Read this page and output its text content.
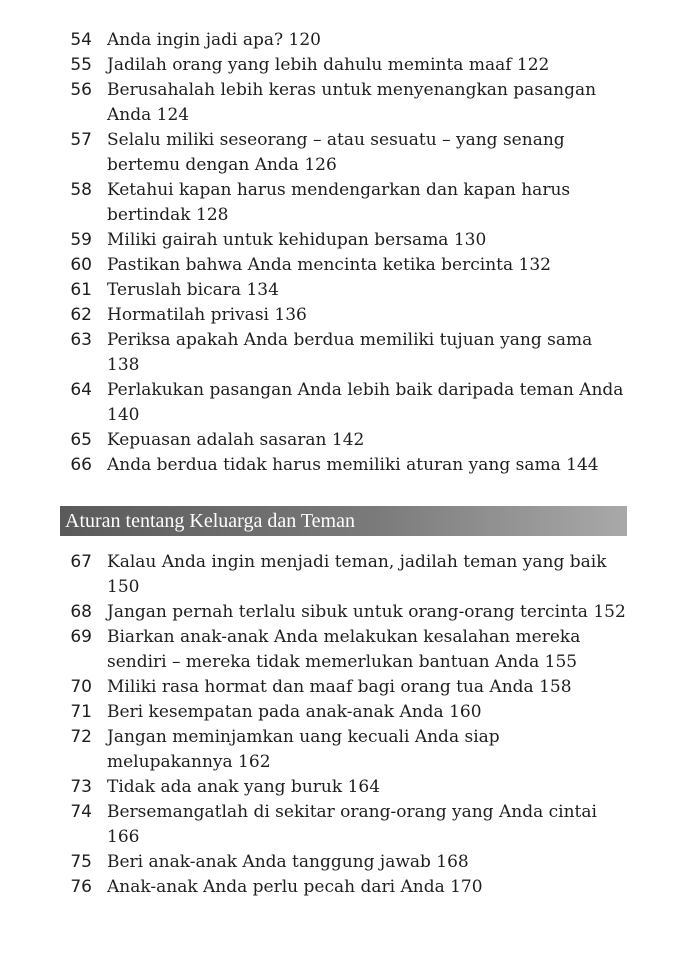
54 Anda ingin jadi apa? 120
55 Jadilah orang yang lebih dahulu meminta maaf 122
56 Berusahalah lebih keras untuk menyenangkan pasangan Anda 124
57 Selalu miliki seseorang – atau sesuatu – yang senang bertemu dengan Anda 126
58 Ketahui kapan harus mendengarkan dan kapan harus bertindak 128
59 Miliki gairah untuk kehidupan bersama 130
60 Pastikan bahwa Anda mencinta ketika bercinta 132
61 Teruslah bicara 134
62 Hormatilah privasi 136
63 Periksa apakah Anda berdua memiliki tujuan yang sama 138
64 Perlakukan pasangan Anda lebih baik daripada teman Anda 140
65 Kepuasan adalah sasaran 142
66 Anda berdua tidak harus memiliki aturan yang sama 144
Aturan tentang Keluarga dan Teman
67 Kalau Anda ingin menjadi teman, jadilah teman yang baik 150
68 Jangan pernah terlalu sibuk untuk orang-orang tercinta 152
69 Biarkan anak-anak Anda melakukan kesalahan mereka sendiri – mereka tidak memerlukan bantuan Anda 155
70 Miliki rasa hormat dan maaf bagi orang tua Anda 158
71 Beri kesempatan pada anak-anak Anda 160
72 Jangan meminjamkan uang kecuali Anda siap melupakannya 162
73 Tidak ada anak yang buruk 164
74 Bersemangatlah di sekitar orang-orang yang Anda cintai 166
75 Beri anak-anak Anda tanggung jawab 168
76 Anak-anak Anda perlu pecah dari Anda 170
